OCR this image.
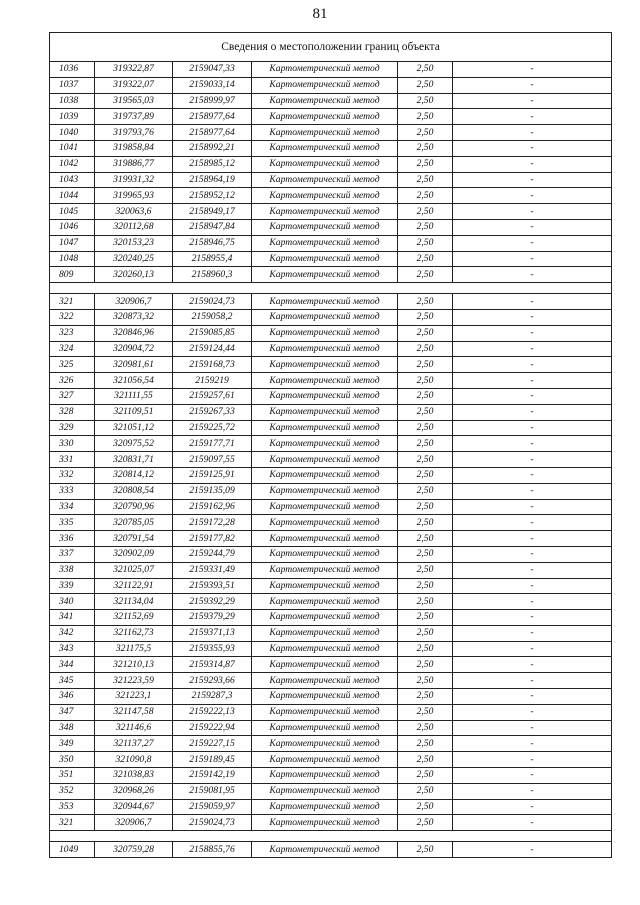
81
Сведения о местоположении границ объекта					
1036	319322,87	2159047,33	Картометрический метод	2,50	-
1037	319322,07	2159033,14	Картометрический метод	2,50	-
1038	319565,03	2158999,97	Картометрический метод	2,50	-
1039	319737,89	2158977,64	Картометрический метод	2,50	-
1040	319793,76	2158977,64	Картометрический метод	2,50	-
1041	319858,84	2158992,21	Картометрический метод	2,50	-
1042	319886,77	2158985,12	Картометрический метод	2,50	-
1043	319931,32	2158964,19	Картометрический метод	2,50	-
1044	319965,93	2158952,12	Картометрический метод	2,50	-
1045	320063,6	2158949,17	Картометрический метод	2,50	-
1046	320112,68	2158947,84	Картометрический метод	2,50	-
1047	320153,23	2158946,75	Картометрический метод	2,50	-
1048	320240,25	2158955,4	Картометрический метод	2,50	-
809	320260,13	2158960,3	Картометрический метод	2,50	-

321	320906,7	2159024,73	Картометрический метод	2,50	-
322	320873,32	2159058,2	Картометрический метод	2,50	-
323	320846,96	2159085,85	Картометрический метод	2,50	-
324	320904,72	2159124,44	Картометрический метод	2,50	-
325	320981,61	2159168,73	Картометрический метод	2,50	-
326	321056,54	2159219	Картометрический метод	2,50	-
327	321111,55	2159257,61	Картометрический метод	2,50	-
328	321109,51	2159267,33	Картометрический метод	2,50	-
329	321051,12	2159225,72	Картометрический метод	2,50	-
330	320975,52	2159177,71	Картометрический метод	2,50	-
331	320831,71	2159097,55	Картометрический метод	2,50	-
332	320814,12	2159125,91	Картометрический метод	2,50	-
333	320808,54	2159135,09	Картометрический метод	2,50	-
334	320790,96	2159162,96	Картометрический метод	2,50	-
335	320785,05	2159172,28	Картометрический метод	2,50	-
336	320791,54	2159177,82	Картометрический метод	2,50	-
337	320902,09	2159244,79	Картометрический метод	2,50	-
338	321025,07	2159331,49	Картометрический метод	2,50	-
339	321122,91	2159393,51	Картометрический метод	2,50	-
340	321134,04	2159392,29	Картометрический метод	2,50	-
341	321152,69	2159379,29	Картометрический метод	2,50	-
342	321162,73	2159371,13	Картометрический метод	2,50	-
343	321175,5	2159355,93	Картометрический метод	2,50	-
344	321210,13	2159314,87	Картометрический метод	2,50	-
345	321223,59	2159293,66	Картометрический метод	2,50	-
346	321223,1	2159287,3	Картометрический метод	2,50	-
347	321147,58	2159222,13	Картометрический метод	2,50	-
348	321146,6	2159222,94	Картометрический метод	2,50	-
349	321137,27	2159227,15	Картометрический метод	2,50	-
350	321090,8	2159189,45	Картометрический метод	2,50	-
351	321038,83	2159142,19	Картометрический метод	2,50	-
352	320968,26	2159081,95	Картометрический метод	2,50	-
353	320944,67	2159059,97	Картометрический метод	2,50	-
321	320906,7	2159024,73	Картометрический метод	2,50	-

1049	320759,28	2158855,76	Картометрический метод	2,50	-
